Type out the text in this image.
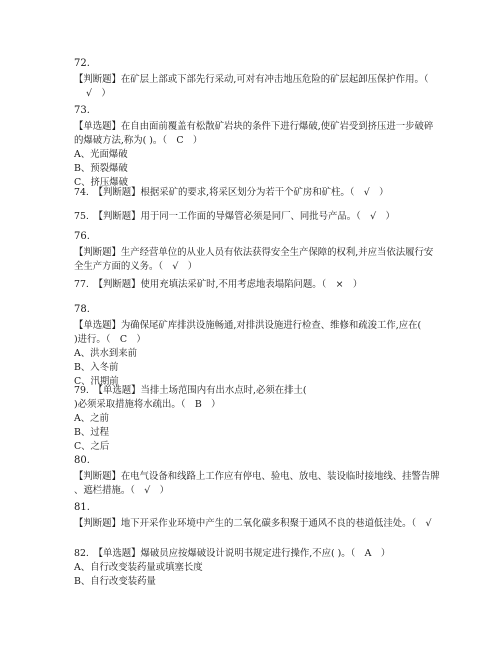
72.
【判断题】在矿层上部或下部先行采动,可对有冲击地压危险的矿层起卸压保护作用。（
√　）
73.
【单选题】在自由面前覆盖有松散矿岩块的条件下进行爆破,使矿岩受到挤压进一步破碎
的爆破方法,称为( )。（　C　）
A、光面爆破
B、预裂爆破
C、挤压爆破
74.　【判断题】根据采矿的要求,将采区划分为若干个矿房和矿柱。（　√　）
75.　【判断题】用于同一工作面的导爆管必须是同厂、同批号产品。（　√　）
76.
【判断题】生产经营单位的从业人员有依法获得安全生产保障的权利,并应当依法履行安
全生产方面的义务。（　√　）
77.　【判断题】使用充填法采矿时,不用考虑地表塌陷问题。（　×　）
78.
【单选题】为确保尾矿库排洪设施畅通,对排洪设施进行检查、维修和疏浚工作,应在(
)进行。（　C　）
A、洪水到来前
B、入冬前
C、汛期前
79.　【单选题】当排土场范围内有出水点时,必须在排土(
)必须采取措施将水疏出。（　B　）
A、之前
B、过程
C、之后
80.
【判断题】在电气设备和线路上工作应有停电、验电、放电、装设临时接地线、挂警告牌
、遮栏措施。（　√　）
81.
【判断题】地下开采作业环境中产生的二氧化碳多积聚于通风不良的巷道低洼处。（　√
82.　【单选题】爆破员应按爆破设计说明书规定进行操作,不应( )。（　A　）
A、自行改变装药量或填塞长度
B、自行改变装药量
